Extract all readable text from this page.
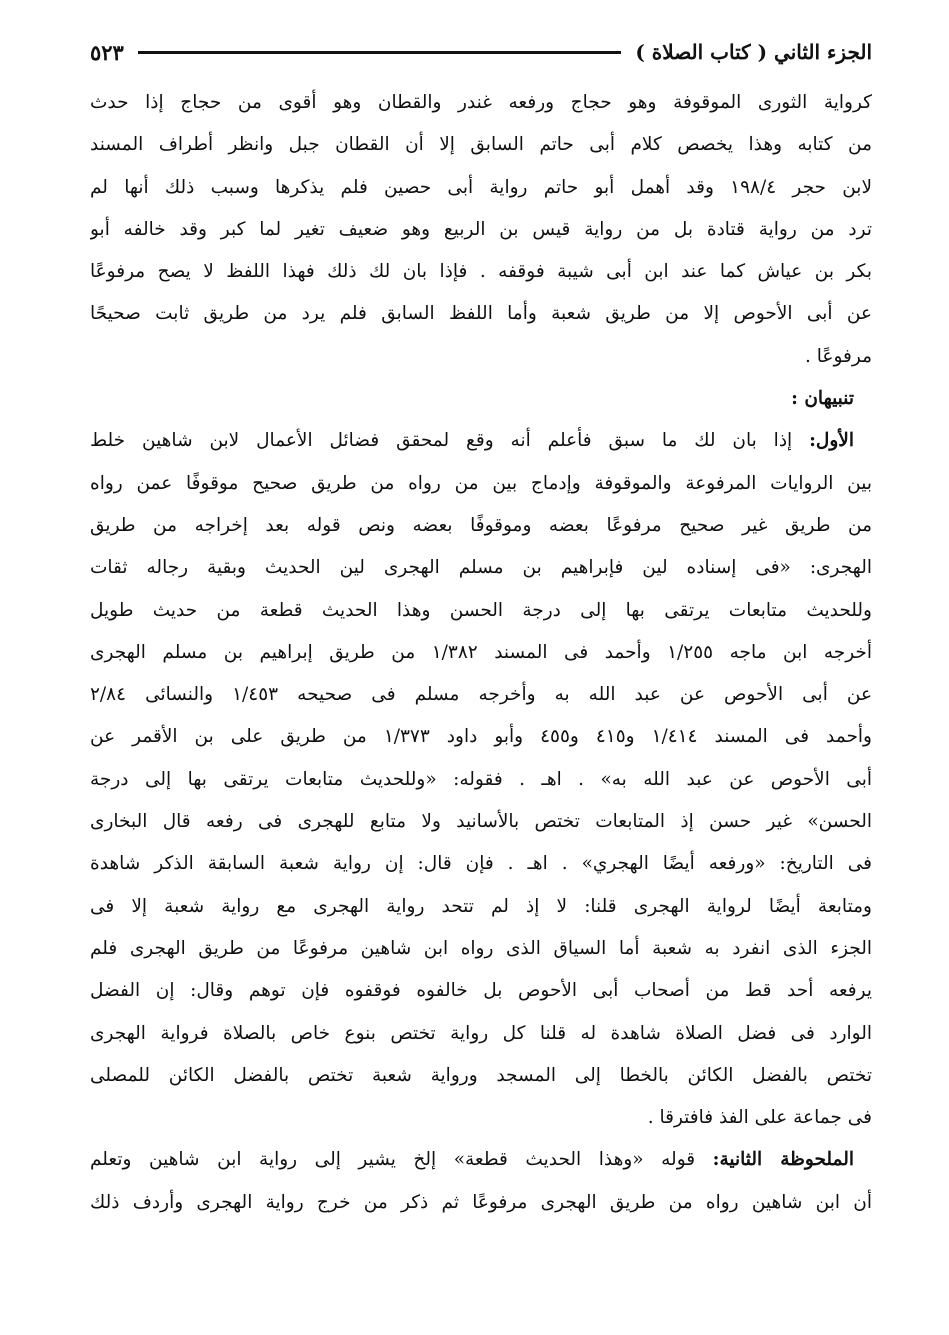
الجزء الثاني ( كتاب الصلاة )
٥٢٣
كرواية الثورى الموقوفة وهو حجاج ورفعه غندر والقطان وهو أقوى من حجاج إذا حدث
من كتابه وهذا يخصص كلام أبى حاتم السابق إلا أن القطان جبل وانظر أطراف المسند
لابن حجر ١٩٨/٤ وقد أهمل أبو حاتم رواية أبى حصين فلم يذكرها وسبب ذلك أنها لم
ترد من رواية قتادة بل من رواية قيس بن الربيع وهو ضعيف تغير لما كبر وقد خالفه أبو
بكر بن عياش كما عند ابن أبى شيبة فوقفه . فإذا بان لك ذلك فهذا اللفظ لا يصح مرفوعًا
عن أبى الأحوص إلا من طريق شعبة وأما اللفظ السابق فلم يرد من طريق ثابت صحيحًا
مرفوعًا .
تنبيهان :
الأول: إذا بان لك ما سبق فأعلم أنه وقع لمحقق فضائل الأعمال لابن شاهين خلط
بين الروايات المرفوعة والموقوفة وإدماج بين من رواه من طريق صحيح موقوفًا عمن رواه
من طريق غير صحيح مرفوعًا بعضه وموقوفًا بعضه ونص قوله بعد إخراجه من طريق
الهجرى: «فى إسناده لين فإبراهيم بن مسلم الهجرى لين الحديث وبقية رجاله ثقات
وللحديث متابعات يرتقى بها إلى درجة الحسن وهذا الحديث قطعة من حديث طويل
أخرجه ابن ماجه ١/٢٥٥ وأحمد فى المسند ١/٣٨٢ من طريق إبراهيم بن مسلم الهجرى
عن أبى الأحوص عن عبد الله به وأخرجه مسلم فى صحيحه ١/٤٥٣ والنسائى ٢/٨٤
وأحمد فى المسند ١/٤١٤ و٤١٥ و٤٥٥ وأبو داود ١/٣٧٣ من طريق على بن الأقمر عن
أبى الأحوص عن عبد الله به» . اهـ . فقوله: «وللحديث متابعات يرتقى بها إلى درجة
الحسن» غير حسن إذ المتابعات تختص بالأسانيد ولا متابع للهجرى فى رفعه قال البخارى
فى التاريخ: «ورفعه أيضًا الهجري» . اهـ . فإن قال: إن رواية شعبة السابقة الذكر شاهدة
ومتابعة أيضًا لرواية الهجرى قلنا: لا إذ لم تتحد رواية الهجرى مع رواية شعبة إلا فى
الجزء الذى انفرد به شعبة أما السياق الذى رواه ابن شاهين مرفوعًا من طريق الهجرى فلم
يرفعه أحد قط من أصحاب أبى الأحوص بل خالفوه فوقفوه فإن توهم وقال: إن الفضل
الوارد فى فضل الصلاة شاهدة له قلنا كل رواية تختص بنوع خاص بالصلاة فرواية الهجرى
تختص بالفضل الكائن بالخطا إلى المسجد ورواية شعبة تختص بالفضل الكائن للمصلى
فى جماعة على الفذ فافترقا .
الملحوظة الثانية: قوله «وهذا الحديث قطعة» إلخ يشير إلى رواية ابن شاهين وتعلم
أن ابن شاهين رواه من طريق الهجرى مرفوعًا ثم ذكر من خرج رواية الهجرى وأردف ذلك
